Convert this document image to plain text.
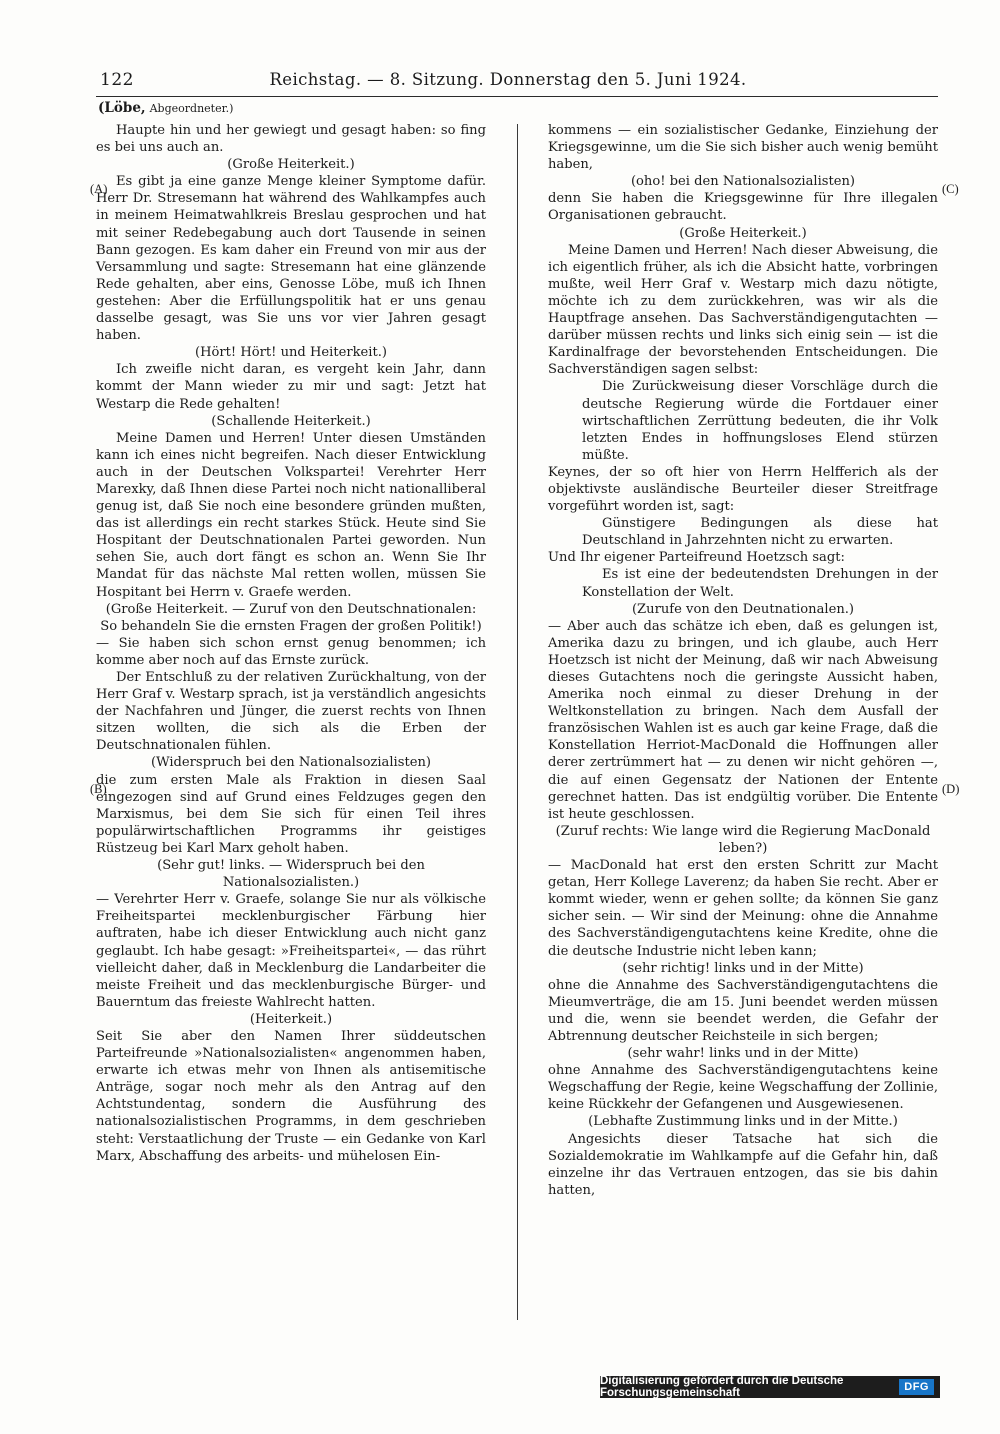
122	Reichstag. — 8. Sitzung. Donnerstag den 5. Juni 1924.
(Löbe, Abgeordneter.)
(A)
(B)
(C)
(D)

Haupte hin und her gewiegt und gesagt haben: so fing es bei uns auch an.

(Große Heiterkeit.)

Es gibt ja eine ganze Menge kleiner Symptome dafür. Herr Dr. Stresemann hat während des Wahlkampfes auch in meinem Heimatwahlkreis Breslau gesprochen und hat mit seiner Redebegabung auch dort Tausende in seinen Bann gezogen. Es kam daher ein Freund von mir aus der Versammlung und sagte: Stresemann hat eine glänzende Rede gehalten, aber eins, Genosse Löbe, muß ich Ihnen gestehen: Aber die Erfüllungspolitik hat er uns genau dasselbe gesagt, was Sie uns vor vier Jahren gesagt haben.

(Hört! Hört! und Heiterkeit.)

Ich zweifle nicht daran, es vergeht kein Jahr, dann kommt der Mann wieder zu mir und sagt: Jetzt hat Westarp die Rede gehalten!

(Schallende Heiterkeit.)

Meine Damen und Herren! Unter diesen Umständen kann ich eines nicht begreifen. Nach dieser Entwicklung auch in der Deutschen Volkspartei! Verehrter Herr Marexky, daß Ihnen diese Partei noch nicht nationalliberal genug ist, daß Sie noch eine besondere gründen mußten, das ist allerdings ein recht starkes Stück. Heute sind Sie Hospitant der Deutschnationalen Partei geworden. Nun sehen Sie, auch dort fängt es schon an. Wenn Sie Ihr Mandat für das nächste Mal retten wollen, müssen Sie Hospitant bei Herrn v. Graefe werden.

(Große Heiterkeit. — Zuruf von den Deutschnationalen: So behandeln Sie die ernsten Fragen der großen Politik!)

— Sie haben sich schon ernst genug benommen; ich komme aber noch auf das Ernste zurück.

Der Entschluß zu der relativen Zurückhaltung, von der Herr Graf v. Westarp sprach, ist ja verständlich angesichts der Nachfahren und Jünger, die zuerst rechts von Ihnen sitzen wollten, die sich als die Erben der Deutschnationalen fühlen.

(Widerspruch bei den Nationalsozialisten)

die zum ersten Male als Fraktion in diesen Saal eingezogen sind auf Grund eines Feldzuges gegen den Marxismus, bei dem Sie sich für einen Teil ihres populärwirtschaftlichen Programms ihr geistiges Rüstzeug bei Karl Marx geholt haben.

(Sehr gut! links. — Widerspruch bei den Nationalsozialisten.)

— Verehrter Herr v. Graefe, solange Sie nur als völkische Freiheitspartei mecklenburgischer Färbung hier auftraten, habe ich dieser Entwicklung auch nicht ganz geglaubt. Ich habe gesagt: »Freiheitspartei«, — das rührt vielleicht daher, daß in Mecklenburg die Landarbeiter die meiste Freiheit und das mecklenburgische Bürger- und Bauerntum das freieste Wahlrecht hatten.

(Heiterkeit.)

Seit Sie aber den Namen Ihrer süddeutschen Parteifreunde »Nationalsozialisten« angenommen haben, erwarte ich etwas mehr von Ihnen als antisemitische Anträge, sogar noch mehr als den Antrag auf den Achtstundentag, sondern die Ausführung des nationalsozialistischen Programms, in dem geschrieben steht: Verstaatlichung der Truste — ein Gedanke von Karl Marx, Abschaffung des arbeits- und mühelosen Ein-

kommens — ein sozialistischer Gedanke, Einziehung der Kriegsgewinne, um die Sie sich bisher auch wenig bemüht haben,

(oho! bei den Nationalsozialisten)

denn Sie haben die Kriegsgewinne für Ihre illegalen Organisationen gebraucht.

(Große Heiterkeit.)

Meine Damen und Herren! Nach dieser Abweisung, die ich eigentlich früher, als ich die Absicht hatte, vorbringen mußte, weil Herr Graf v. Westarp mich dazu nötigte, möchte ich zu dem zurückkehren, was wir als die Hauptfrage ansehen. Das Sachverständigengutachten — darüber müssen rechts und links sich einig sein — ist die Kardinalfrage der bevorstehenden Entscheidungen. Die Sachverständigen sagen selbst:

Die Zurückweisung dieser Vorschläge durch die deutsche Regierung würde die Fortdauer einer wirtschaftlichen Zerrüttung bedeuten, die ihr Volk letzten Endes in hoffnungsloses Elend stürzen müßte.

Keynes, der so oft hier von Herrn Helfferich als der objektivste ausländische Beurteiler dieser Streitfrage vorgeführt worden ist, sagt:

Günstigere Bedingungen als diese hat Deutschland in Jahrzehnten nicht zu erwarten.

Und Ihr eigener Parteifreund Hoetzsch sagt:

Es ist eine der bedeutendsten Drehungen in der Konstellation der Welt.

(Zurufe von den Deutnationalen.)

— Aber auch das schätze ich eben, daß es gelungen ist, Amerika dazu zu bringen, und ich glaube, auch Herr Hoetzsch ist nicht der Meinung, daß wir nach Abweisung dieses Gutachtens noch die geringste Aussicht haben, Amerika noch einmal zu dieser Drehung in der Weltkonstellation zu bringen. Nach dem Ausfall der französischen Wahlen ist es auch gar keine Frage, daß die Konstellation Herriot-MacDonald die Hoffnungen aller derer zertrümmert hat — zu denen wir nicht gehören —, die auf einen Gegensatz der Nationen der Entente gerechnet hatten. Das ist endgültig vorüber. Die Entente ist heute geschlossen.

(Zuruf rechts: Wie lange wird die Regierung MacDonald leben?)

— MacDonald hat erst den ersten Schritt zur Macht getan, Herr Kollege Laverenz; da haben Sie recht. Aber er kommt wieder, wenn er gehen sollte; da können Sie ganz sicher sein. — Wir sind der Meinung: ohne die Annahme des Sachverständigengutachtens keine Kredite, ohne die die deutsche Industrie nicht leben kann;

(sehr richtig! links und in der Mitte)

ohne die Annahme des Sachverständigengutachtens die Mieumverträge, die am 15. Juni beendet werden müssen und die, wenn sie beendet werden, die Gefahr der Abtrennung deutscher Reichsteile in sich bergen;

(sehr wahr! links und in der Mitte)

ohne Annahme des Sachverständigengutachtens keine Wegschaffung der Regie, keine Wegschaffung der Zollinie, keine Rückkehr der Gefangenen und Ausgewiesenen.

(Lebhafte Zustimmung links und in der Mitte.)

Angesichts dieser Tatsache hat sich die Sozialdemokratie im Wahlkampfe auf die Gefahr hin, daß einzelne ihr das Vertrauen entzogen, das sie bis dahin hatten,

Digitalisierung gefördert durch die Deutsche Forschungsgemeinschaft	DFG
